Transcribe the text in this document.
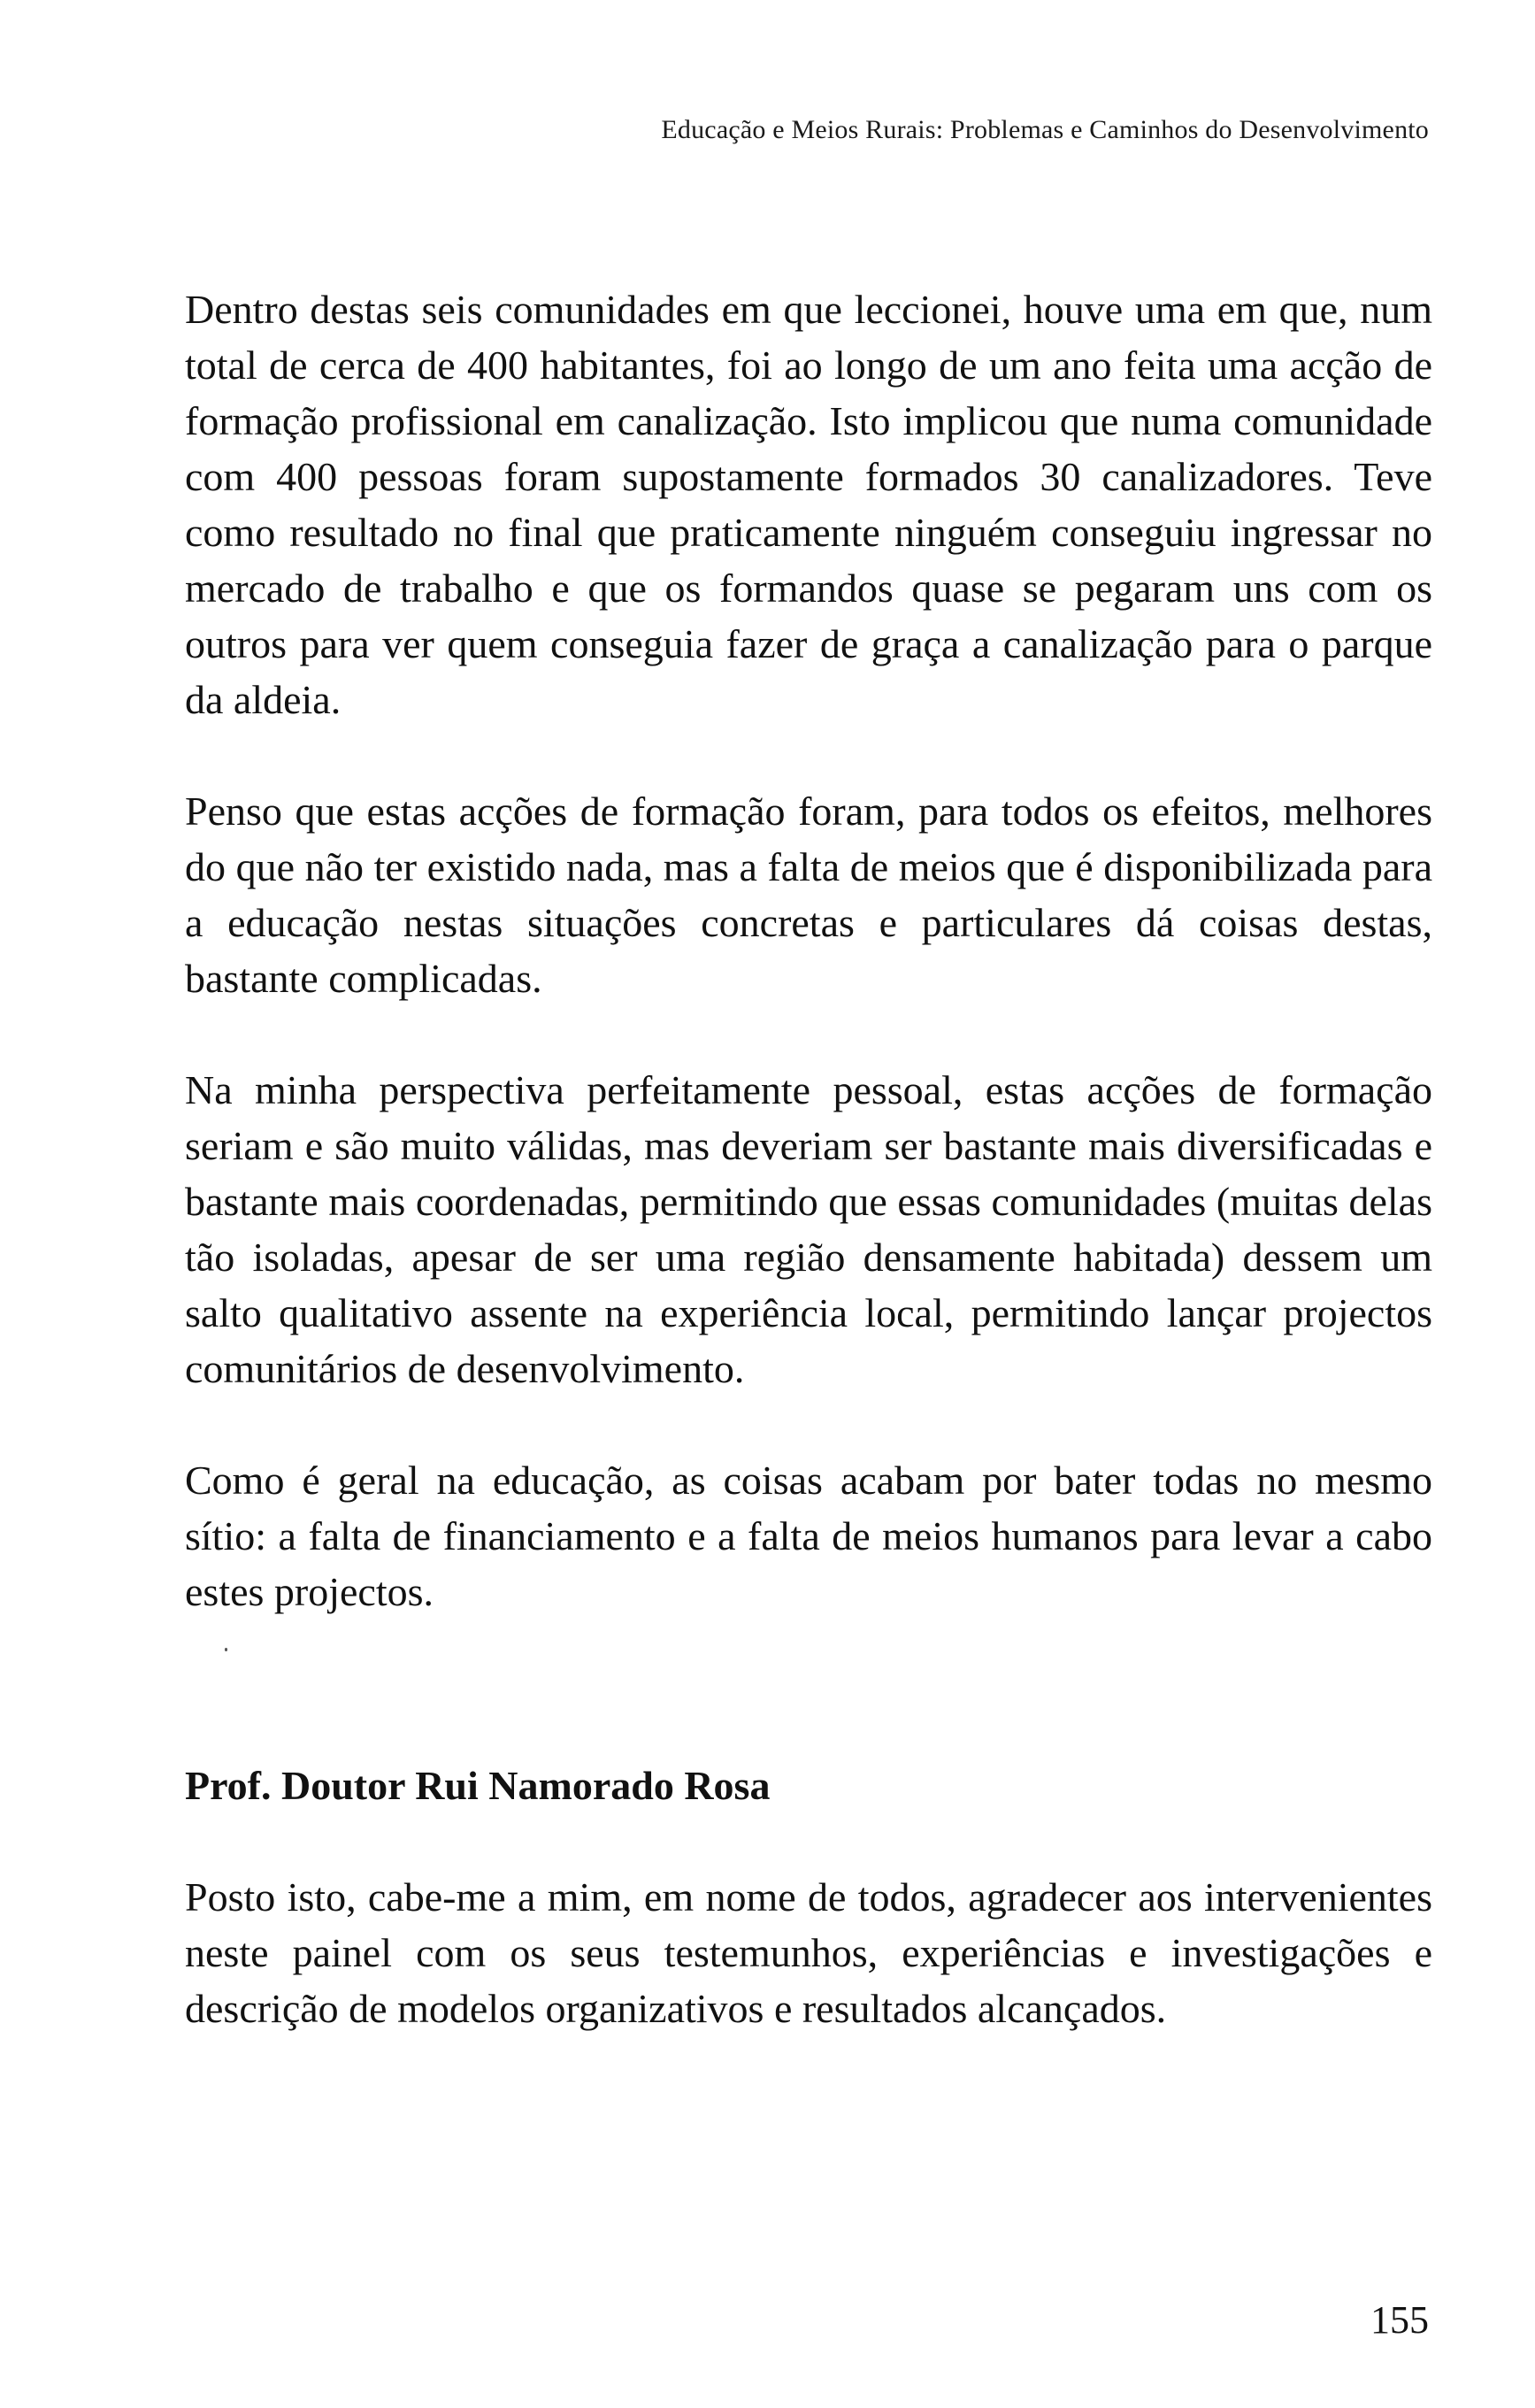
Educação e Meios Rurais: Problemas e Caminhos do Desenvolvimento

Dentro destas seis comunidades em que leccionei, houve uma em que, num total de cerca de 400 habitantes, foi ao longo de um ano feita uma acção de formação profissional em canalização. Isto implicou que numa comunidade com 400 pessoas foram supostamente formados 30 canalizadores. Teve como resultado no final que praticamente ninguém conseguiu ingressar no mercado de trabalho e que os formandos quase se pegaram uns com os outros para ver quem conseguia fazer de graça a canalização para o parque da aldeia.

Penso que estas acções de formação foram, para todos os efeitos, melhores do que não ter existido nada, mas a falta de meios que é disponibilizada para a educação nestas situações concretas e particulares dá coisas destas, bastante complicadas.

Na minha perspectiva perfeitamente pessoal, estas acções de formação seriam e são muito válidas, mas deveriam ser bastante mais diversificadas e bastante mais coordenadas, permitindo que essas comunidades (muitas delas tão isoladas, apesar de ser uma região densamente habitada) dessem um salto qualitativo assente na experiência local, permitindo lançar projectos comunitários de desenvolvimento.

Como é geral na educação, as coisas acabam por bater todas no mesmo sítio: a falta de financiamento e a falta de meios humanos para levar a cabo estes projectos.

Prof. Doutor Rui Namorado Rosa

Posto isto, cabe-me a mim, em nome de todos, agradecer aos intervenientes neste painel com os seus testemunhos, experiências e investigações e descrição de modelos organizativos e resultados alcançados.

155
